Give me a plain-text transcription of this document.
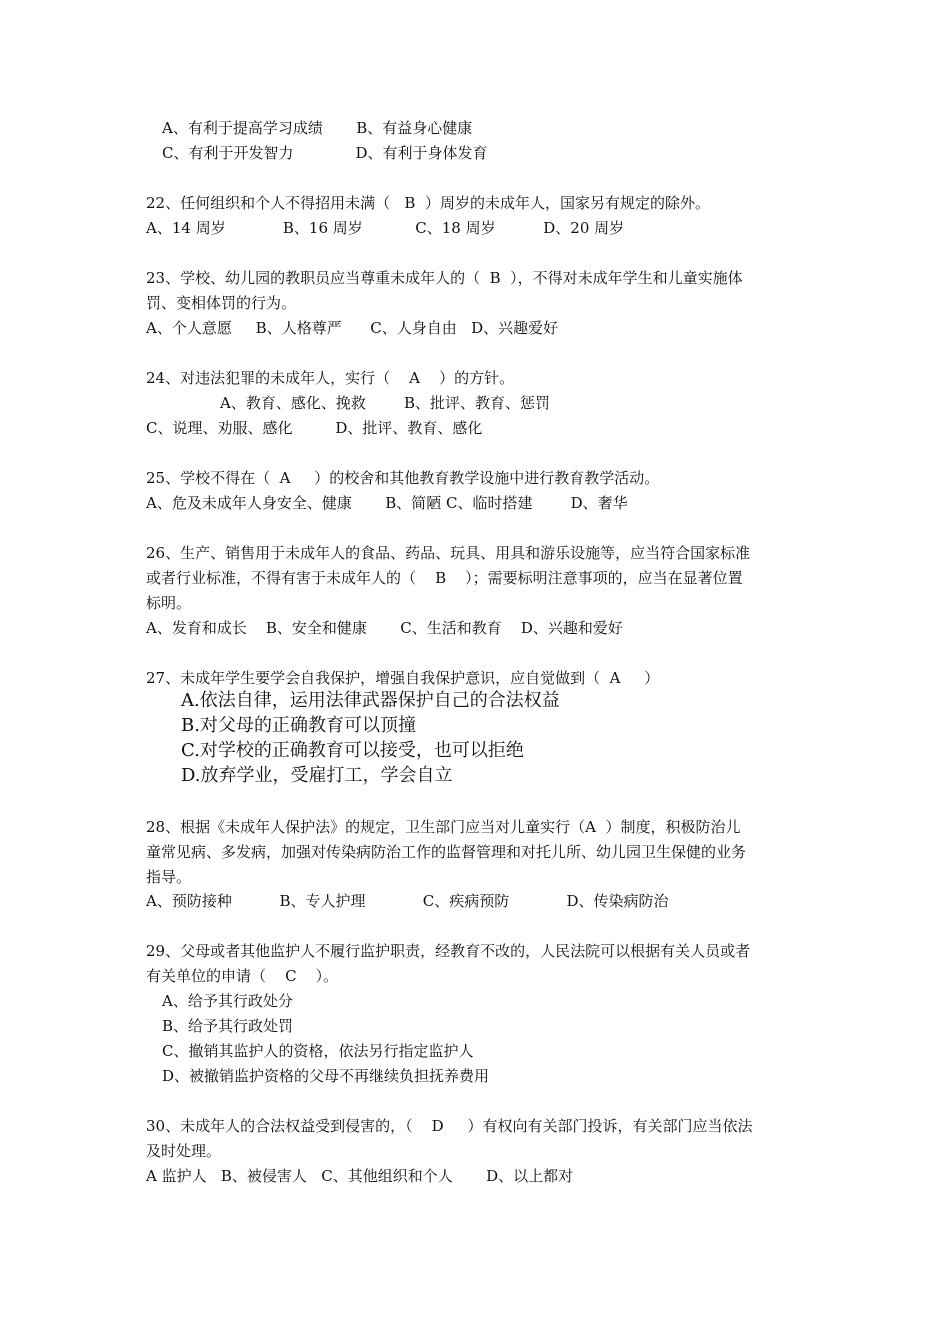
A、有利于提高学习成绩       B、有益身心健康
C、有利于开发智力             D、有利于身体发育
22、任何组织和个人不得招用未满（   B  ）周岁的未成年人，国家另有规定的除外。
A、14 周岁            B、16 周岁           C、18 周岁          D、20 周岁
23、学校、幼儿园的教职员应当尊重未成年人的（  B  ），不得对未成年学生和儿童实施体
罚、变相体罚的行为。
A、个人意愿     B、人格尊严      C、人身自由   D、兴趣爱好
24、对违法犯罪的未成年人，实行（    A    ）的方针。
A、教育、感化、挽救        B、批评、教育、惩罚
C、说理、劝服、感化         D、批评、教育、感化
25、学校不得在（  A     ）的校舍和其他教育教学设施中进行教育教学活动。
A、危及未成年人身安全、健康       B、简陋 C、临时搭建        D、奢华
26、生产、销售用于未成年人的食品、药品、玩具、用具和游乐设施等，应当符合国家标准
或者行业标准，不得有害于未成年人的（    B    ）；需要标明注意事项的，应当在显著位置
标明。
A、发育和成长    B、安全和健康       C、生活和教育    D、兴趣和爱好
27、未成年学生要学会自我保护，增强自我保护意识，应自觉做到（  A     ）
A.依法自律，运用法律武器保护自己的合法权益
B.对父母的正确教育可以顶撞
C.对学校的正确教育可以接受，也可以拒绝
D.放弃学业，受雇打工，学会自立
28、根据《未成年人保护法》的规定，卫生部门应当对儿童实行（A  ）制度，积极防治儿
童常见病、多发病，加强对传染病防治工作的监督管理和对托儿所、幼儿园卫生保健的业务
指导。
A、预防接种          B、专人护理            C、疾病预防            D、传染病防治
29、父母或者其他监护人不履行监护职责，经教育不改的，人民法院可以根据有关人员或者
有关单位的申请（    C    ）。
A、给予其行政处分
B、给予其行政处罚
C、撤销其监护人的资格，依法另行指定监护人
D、被撤销监护资格的父母不再继续负担抚养费用
30、未成年人的合法权益受到侵害的，（    D     ）有权向有关部门投诉，有关部门应当依法
及时处理。
A 监护人   B、被侵害人   C、其他组织和个人       D、以上都对
